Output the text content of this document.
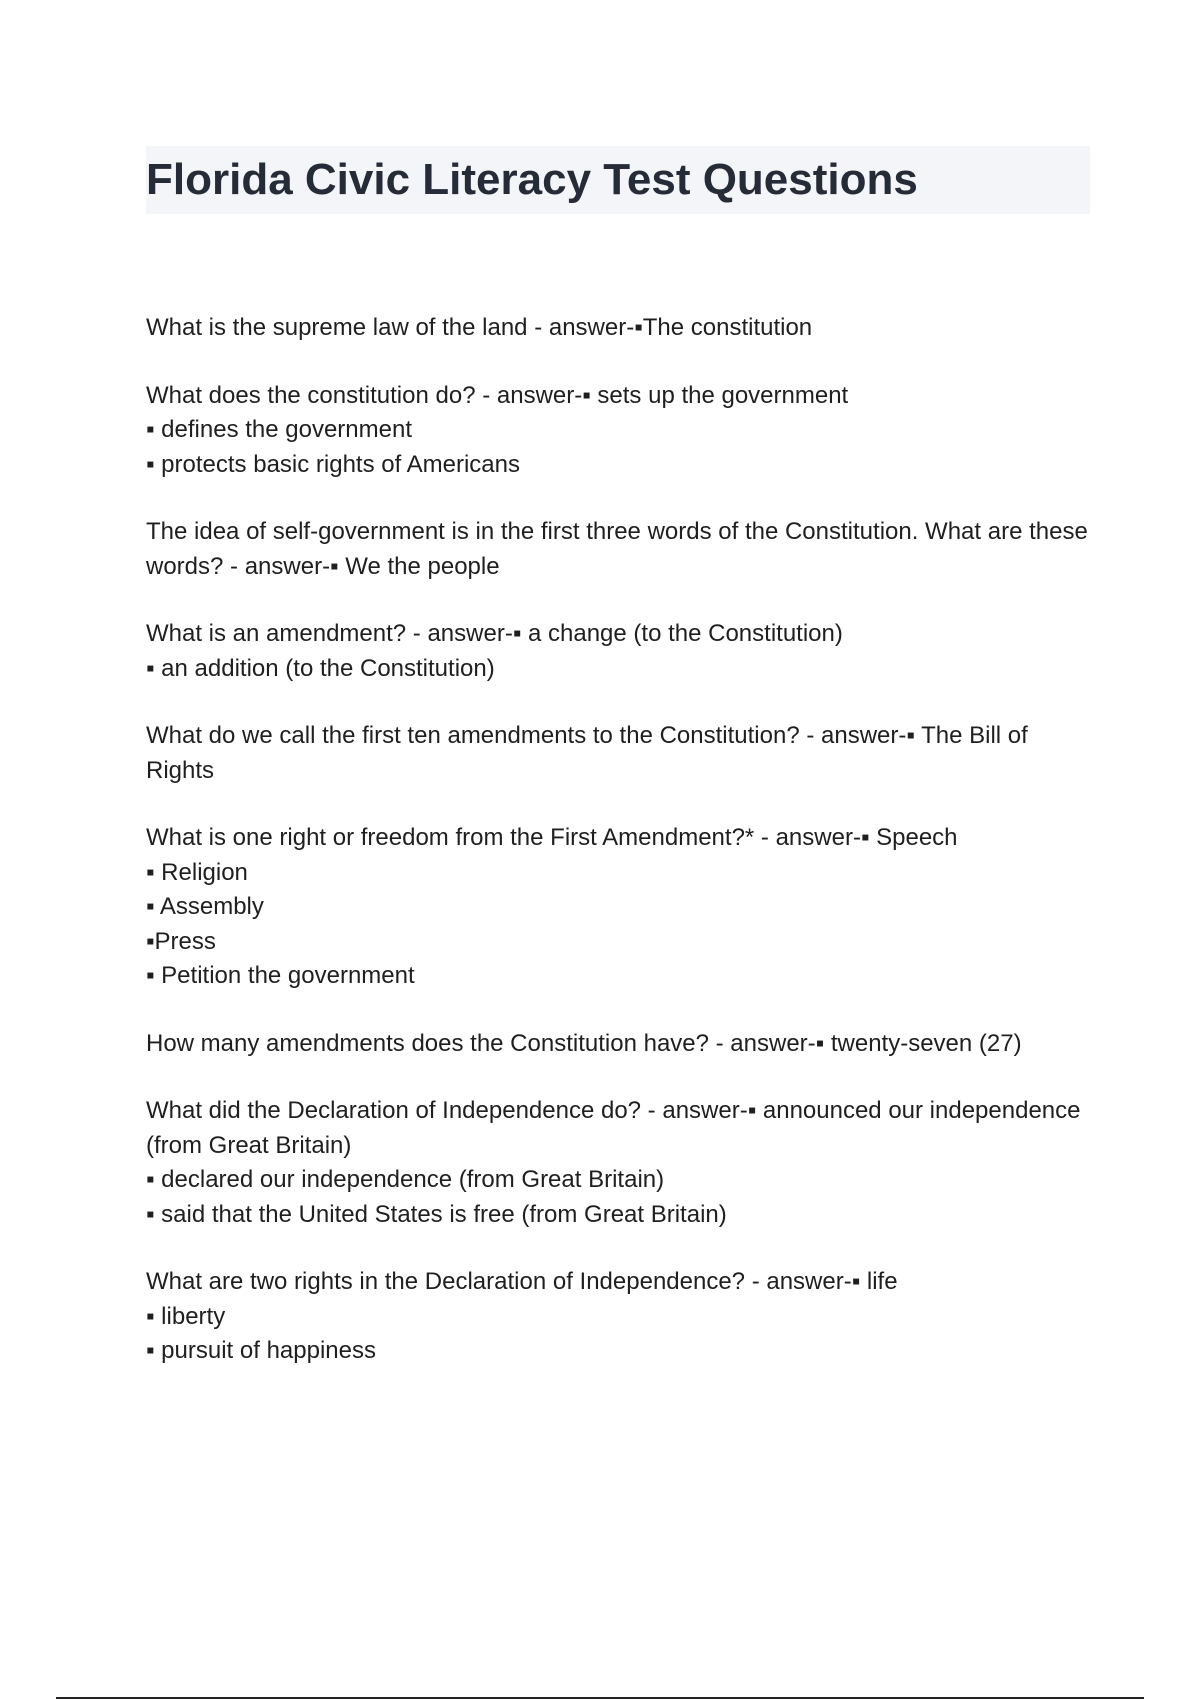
Florida Civic Literacy Test Questions

What is the supreme law of the land - answer-▪The constitution

What does the constitution do? - answer-▪ sets up the government

▪ defines the government

▪ protects basic rights of Americans

The idea of self-government is in the first three words of the Constitution. What are these words? - answer-▪ We the people

What is an amendment? - answer-▪ a change (to the Constitution)

▪ an addition (to the Constitution)

What do we call the first ten amendments to the Constitution? - answer-▪ The Bill of Rights

What is one right or freedom from the First Amendment?* - answer-▪ Speech

▪ Religion

▪ Assembly

▪Press

▪ Petition the government

How many amendments does the Constitution have? - answer-▪ twenty-seven (27)

What did the Declaration of Independence do? - answer-▪ announced our independence (from Great Britain)

▪ declared our independence (from Great Britain)

▪ said that the United States is free (from Great Britain)

What are two rights in the Declaration of Independence? - answer-▪ life

▪ liberty

▪ pursuit of happiness
